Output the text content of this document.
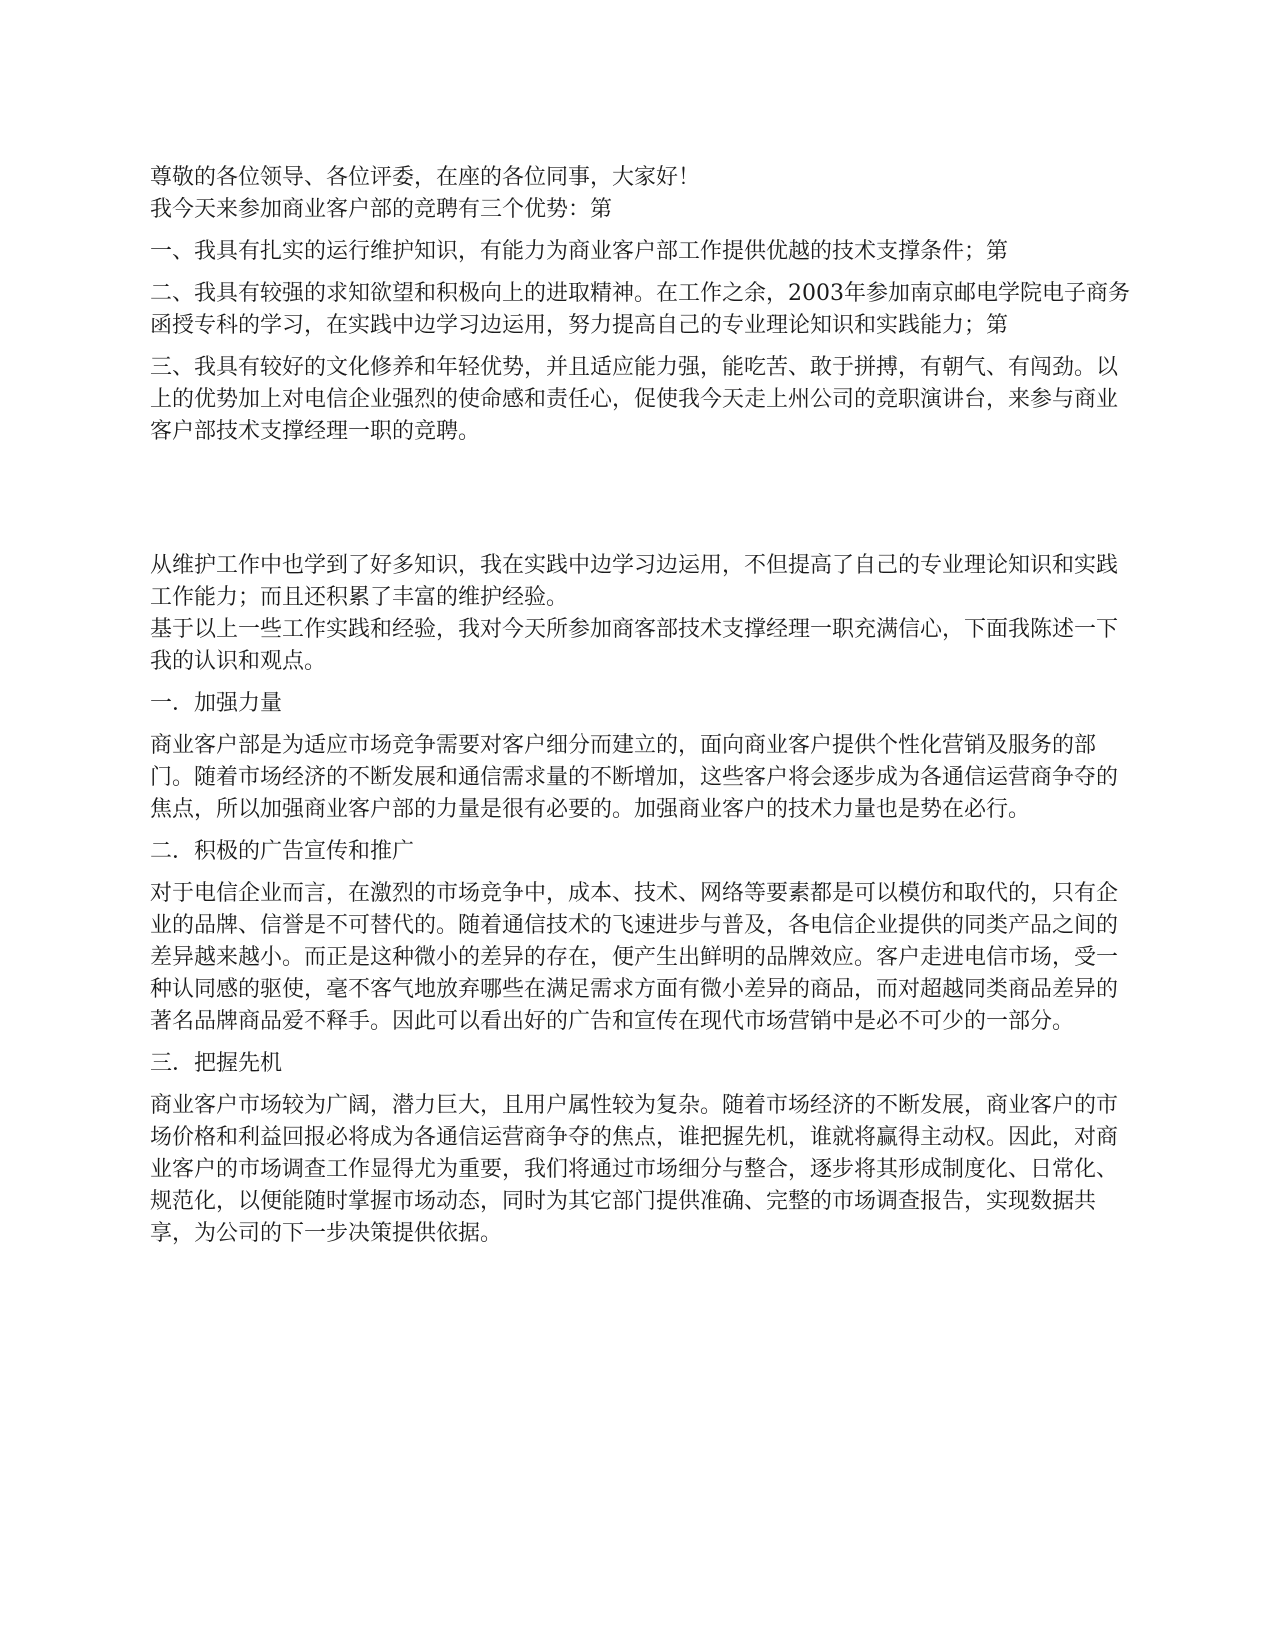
尊敬的各位领导、各位评委，在座的各位同事，大家好！

我今天来参加商业客户部的竞聘有三个优势：第

一、我具有扎实的运行维护知识，有能力为商业客户部工作提供优越的技术支撑条件；第

二、我具有较强的求知欲望和积极向上的进取精神。在工作之余，2003年参加南京邮电学院电子商务函授专科的学习，在实践中边学习边运用，努力提高自己的专业理论知识和实践能力；第

三、我具有较好的文化修养和年轻优势，并且适应能力强，能吃苦、敢于拼搏，有朝气、有闯劲。以上的优势加上对电信企业强烈的使命感和责任心，促使我今天走上州公司的竞职演讲台，来参与商业客户部技术支撑经理一职的竞聘。

从维护工作中也学到了好多知识，我在实践中边学习边运用，不但提高了自己的专业理论知识和实践工作能力；而且还积累了丰富的维护经验。

基于以上一些工作实践和经验，我对今天所参加商客部技术支撑经理一职充满信心，下面我陈述一下我的认识和观点。

一．加强力量

商业客户部是为适应市场竞争需要对客户细分而建立的，面向商业客户提供个性化营销及服务的部门。随着市场经济的不断发展和通信需求量的不断增加，这些客户将会逐步成为各通信运营商争夺的焦点，所以加强商业客户部的力量是很有必要的。加强商业客户的技术力量也是势在必行。

二．积极的广告宣传和推广

对于电信企业而言，在激烈的市场竞争中，成本、技术、网络等要素都是可以模仿和取代的，只有企业的品牌、信誉是不可替代的。随着通信技术的飞速进步与普及，各电信企业提供的同类产品之间的差异越来越小。而正是这种微小的差异的存在，便产生出鲜明的品牌效应。客户走进电信市场，受一种认同感的驱使，毫不客气地放弃哪些在满足需求方面有微小差异的商品，而对超越同类商品差异的著名品牌商品爱不释手。因此可以看出好的广告和宣传在现代市场营销中是必不可少的一部分。

三．把握先机

商业客户市场较为广阔，潜力巨大，且用户属性较为复杂。随着市场经济的不断发展，商业客户的市场价格和利益回报必将成为各通信运营商争夺的焦点，谁把握先机，谁就将赢得主动权。因此，对商业客户的市场调查工作显得尤为重要，我们将通过市场细分与整合，逐步将其形成制度化、日常化、规范化，以便能随时掌握市场动态，同时为其它部门提供准确、完整的市场调查报告，实现数据共享，为公司的下一步决策提供依据。
